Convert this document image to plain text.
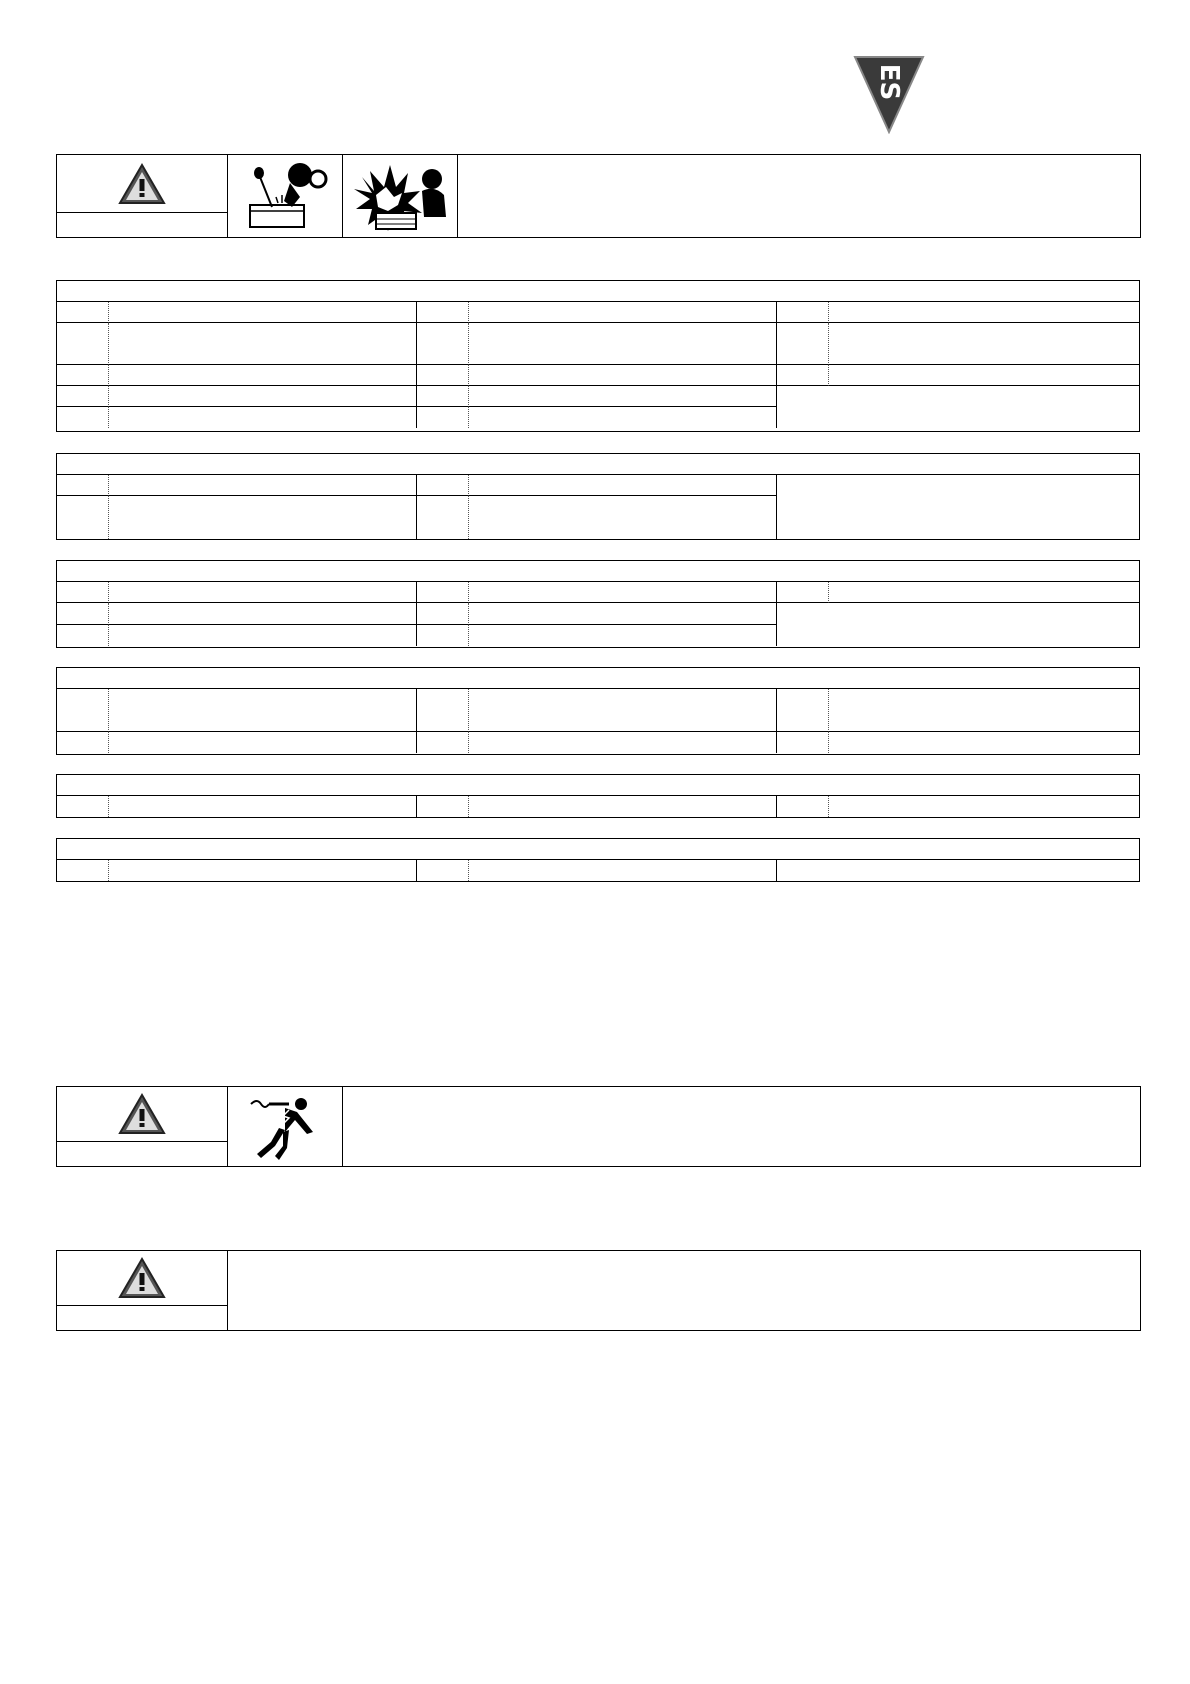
ES
